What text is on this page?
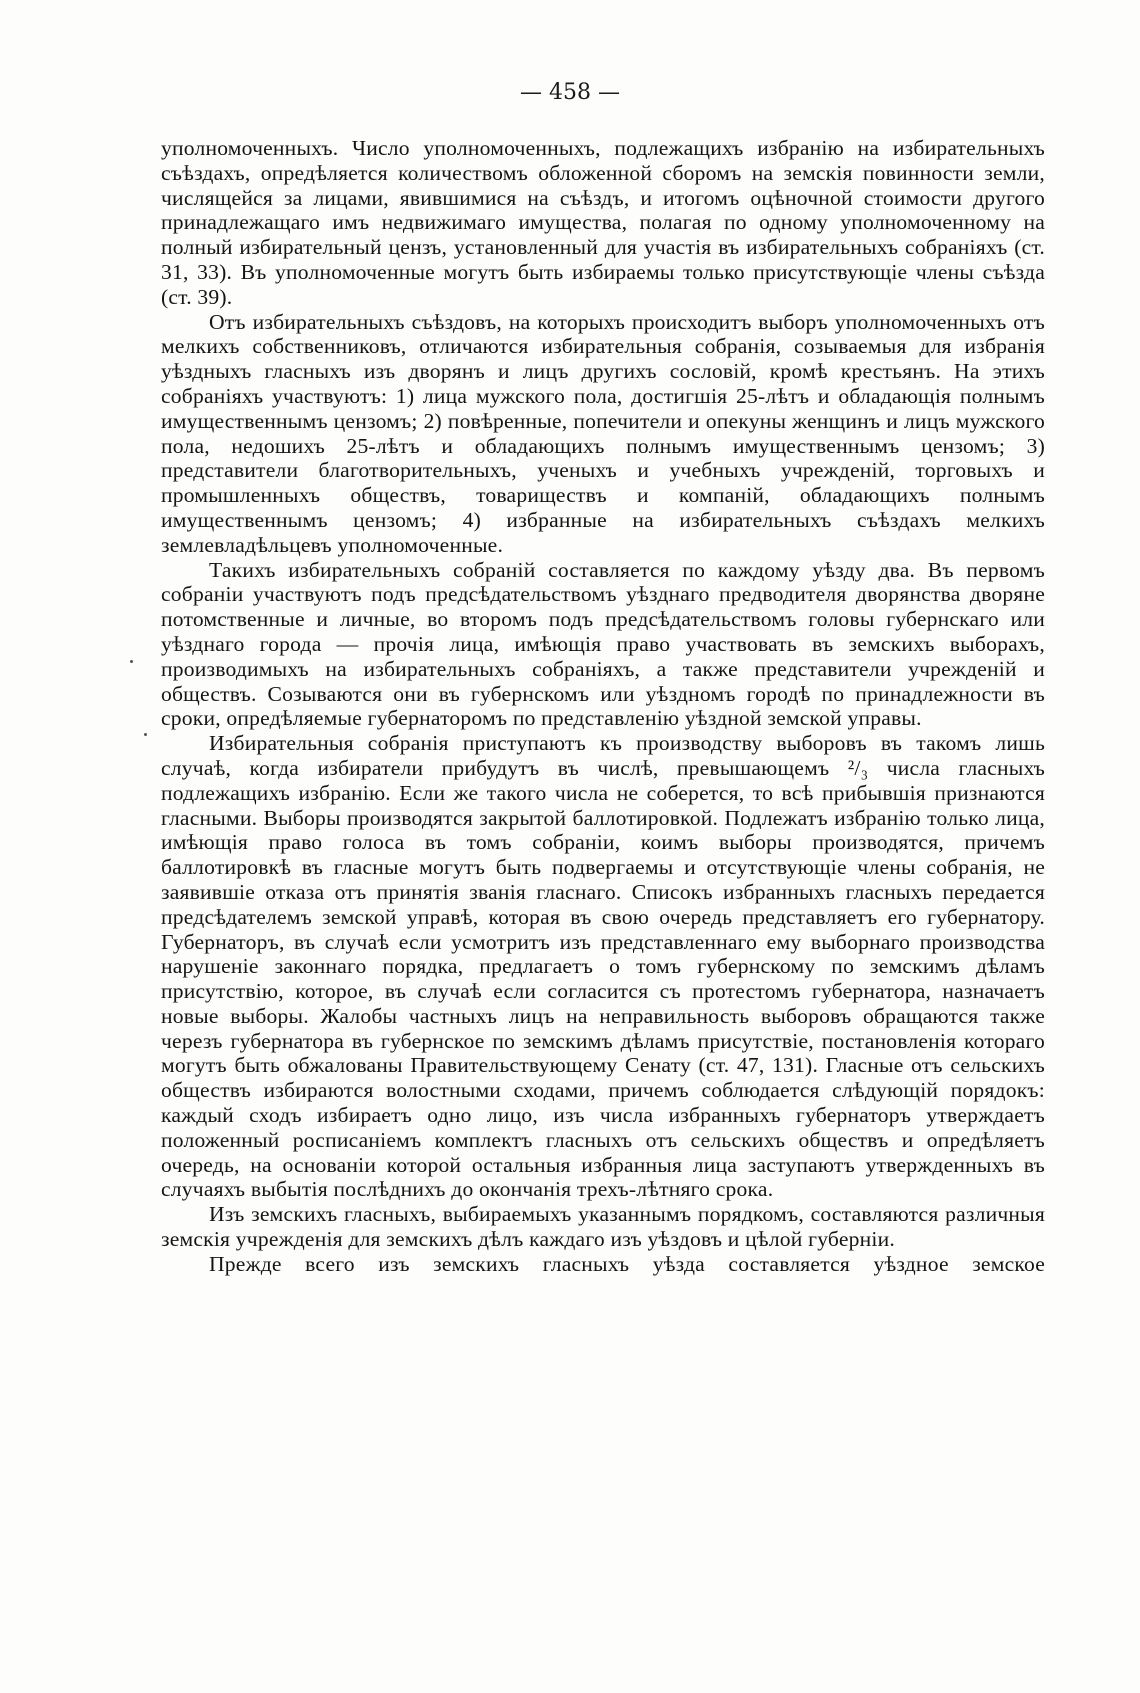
— 458 —

уполномоченныхъ. Число уполномоченныхъ, подлежащихъ избранію на избирательныхъ съѣздахъ, опредѣляется количествомъ обложенной сборомъ на земскія повинности земли, числящейся за лицами, явившимися на съѣздъ, и итогомъ оцѣночной стоимости другого принадлежащаго имъ недвижимаго имущества, полагая по одному уполномоченному на полный избирательный цензъ, установленный для участія въ избирательныхъ собраніяхъ (ст. 31, 33). Въ уполномоченные могутъ быть избираемы только присутствующіе члены съѣзда (ст. 39).

Отъ избирательныхъ съѣздовъ, на которыхъ происходитъ выборъ уполномоченныхъ отъ мелкихъ собственниковъ, отличаются избирательныя собранія, созываемыя для избранія уѣздныхъ гласныхъ изъ дворянъ и лицъ другихъ сословій, кромѣ крестьянъ. На этихъ собраніяхъ участвуютъ: 1) лица мужского пола, достигшія 25-лѣтъ и обладающія полнымъ имущественнымъ цензомъ; 2) повѣренные, попечители и опекуны женщинъ и лицъ мужского пола, недошихъ 25-лѣтъ и обладающихъ полнымъ имущественнымъ цензомъ; 3) представители благотворительныхъ, ученыхъ и учебныхъ учрежденій, торговыхъ и промышленныхъ обществъ, товариществъ и компаній, обладающихъ полнымъ имущественнымъ цензомъ; 4) избранные на избирательныхъ съѣздахъ мелкихъ землевладѣльцевъ уполномоченные.

Такихъ избирательныхъ собраній составляется по каждому уѣзду два. Въ первомъ собраніи участвуютъ подъ предсѣдательствомъ уѣзднаго предводителя дворянства дворяне потомственные и личные, во второмъ подъ предсѣдательствомъ головы губернскаго или уѣзднаго города — прочія лица, имѣющія право участвовать въ земскихъ выборахъ, производимыхъ на избирательныхъ собраніяхъ, а также представители учрежденій и обществъ. Созываются они въ губернскомъ или уѣздномъ городѣ по принадлежности въ сроки, опредѣляемые губернаторомъ по представленію уѣздной земской управы.

Избирательныя собранія приступаютъ къ производству выборовъ въ такомъ лишь случаѣ, когда избиратели прибудутъ въ числѣ, превышающемъ ²/₃ числа гласныхъ подлежащихъ избранію. Если же такого числа не соберется, то всѣ прибывшія признаются гласными. Выборы производятся закрытой баллотировкой. Подлежатъ избранію только лица, имѣющія право голоса въ томъ собраніи, коимъ выборы производятся, причемъ баллотировкѣ въ гласные могутъ быть подвергаемы и отсутствующіе члены собранія, не заявившіе отказа отъ принятія званія гласнаго. Списокъ избранныхъ гласныхъ передается предсѣдателемъ земской управѣ, которая въ свою очередь представляетъ его губернатору. Губернаторъ, въ случаѣ если усмотритъ изъ представленнаго ему выборнаго производства нарушеніе законнаго порядка, предлагаетъ о томъ губернскому по земскимъ дѣламъ присутствію, которое, въ случаѣ если согласится съ протестомъ губернатора, назначаетъ новые выборы. Жалобы частныхъ лицъ на неправильность выборовъ обращаются также черезъ губернатора въ губернское по земскимъ дѣламъ присутствіе, постановленія котораго могутъ быть обжалованы Правительствующему Сенату (ст. 47, 131). Гласные отъ сельскихъ обществъ избираются волостными сходами, причемъ соблюдается слѣдующій порядокъ: каждый сходъ избираетъ одно лицо, изъ числа избранныхъ губернаторъ утверждаетъ положенный росписаніемъ комплектъ гласныхъ отъ сельскихъ обществъ и опредѣляетъ очередь, на основаніи которой остальныя избранныя лица заступаютъ утвержденныхъ въ случаяхъ выбытія послѣднихъ до окончанія трехъ-лѣтняго срока.

Изъ земскихъ гласныхъ, выбираемыхъ указаннымъ порядкомъ, составляются различныя земскія учрежденія для земскихъ дѣлъ каждаго изъ уѣздовъ и цѣлой губерніи.

Прежде всего изъ земскихъ гласныхъ уѣзда составляется уѣздное земское
